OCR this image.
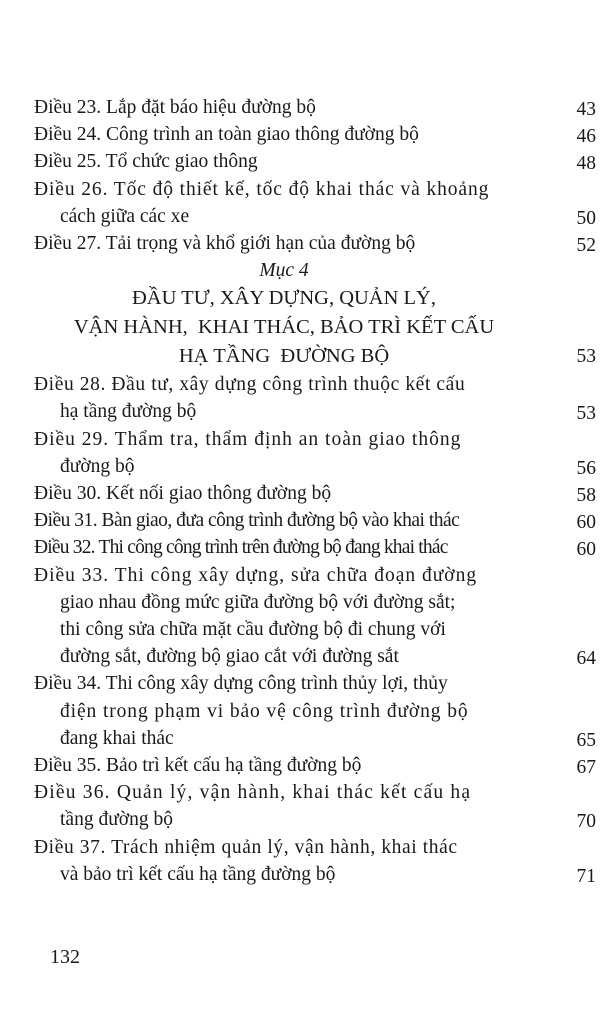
Điều 23. Lắp đặt báo hiệu đường bộ	43
Điều 24. Công trình an toàn giao thông đường bộ	46
Điều 25. Tổ chức giao thông	48
Điều 26. Tốc độ thiết kế, tốc độ khai thác và khoảng
cách giữa các xe	50
Điều 27. Tải trọng và khổ giới hạn của đường bộ	52
Mục 4
ĐẦU TƯ, XÂY DỰNG, QUẢN LÝ,
VẬN HÀNH,  KHAI THÁC, BẢO TRÌ KẾT CẤU
HẠ TẦNG  ĐƯỜNG BỘ	53
Điều 28. Đầu tư, xây dựng công trình thuộc kết cấu
hạ tầng đường bộ	53
Điều 29. Thẩm tra, thẩm định an toàn giao thông
đường bộ	56
Điều 30. Kết nối giao thông đường bộ	58
Điều 31. Bàn giao, đưa công trình đường bộ vào khai thác	60
Điều 32. Thi công công trình trên đường bộ đang khai thác	60
Điều 33. Thi công xây dựng, sửa chữa đoạn đường
giao nhau đồng mức giữa đường bộ với đường sắt;
thi công sửa chữa mặt cầu đường bộ đi chung với
đường sắt, đường bộ giao cắt với đường sắt	64
Điều 34. Thi công xây dựng công trình thủy lợi, thủy
điện trong phạm vi bảo vệ công trình đường bộ
đang khai thác	65
Điều 35. Bảo trì kết cấu hạ tầng đường bộ	67
Điều 36. Quản lý, vận hành, khai thác kết cấu hạ
tầng đường bộ	70
Điều 37. Trách nhiệm quản lý, vận hành, khai thác
và bảo trì kết cấu hạ tầng đường bộ	71
132
